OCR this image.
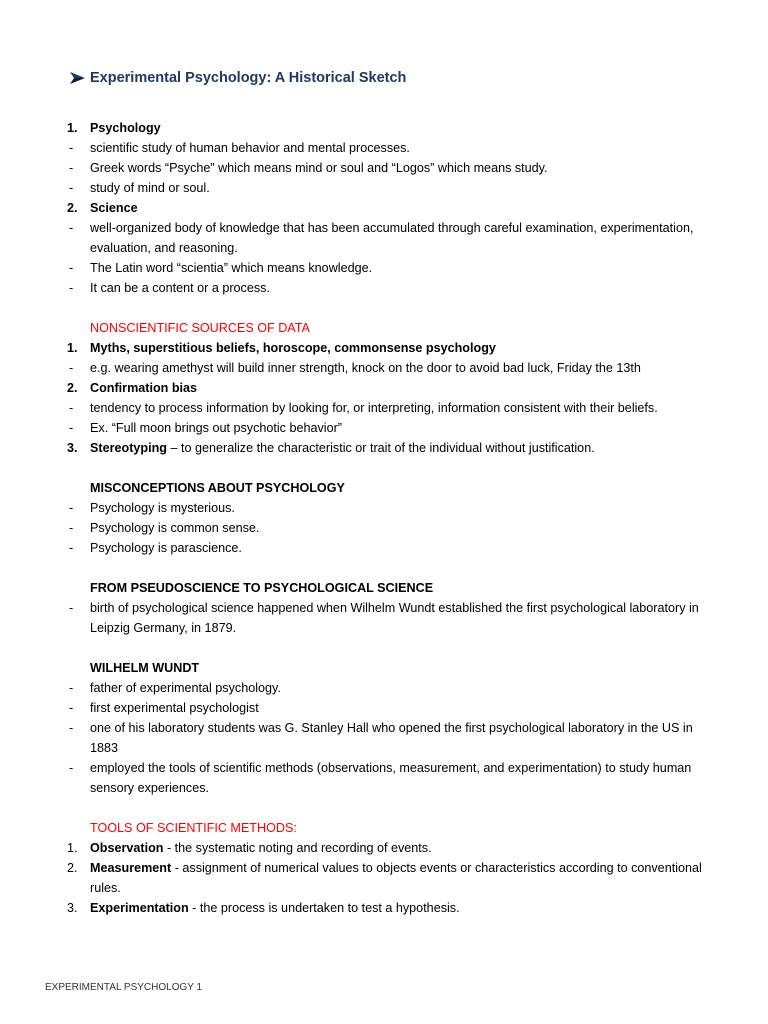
Experimental Psychology: A Historical Sketch
1. Psychology
-	scientific study of human behavior and mental processes.
-	Greek words “Psyche” which means mind or soul and “Logos” which means study.
-	study of mind or soul.
2. Science
-	well-organized body of knowledge that has been accumulated through careful examination, experimentation,
evaluation, and reasoning.
-	The Latin word “scientia” which means knowledge.
-	It can be a content or a process.
NONSCIENTIFIC SOURCES OF DATA
1. Myths, superstitious beliefs, horoscope, commonsense psychology
-	e.g. wearing amethyst will build inner strength, knock on the door to avoid bad luck, Friday the 13th
2. Confirmation bias
-	tendency to process information by looking for, or interpreting, information consistent with their beliefs.
-	Ex. “Full moon brings out psychotic behavior”
3. Stereotyping – to generalize the characteristic or trait of the individual without justification.
MISCONCEPTIONS ABOUT PSYCHOLOGY
-	Psychology is mysterious.
-	Psychology is common sense.
-	Psychology is parascience.
FROM PSEUDOSCIENCE TO PSYCHOLOGICAL SCIENCE
-	birth of psychological science happened when Wilhelm Wundt established the first psychological laboratory in
Leipzig Germany, in 1879.
WILHELM WUNDT
-	father of experimental psychology.
-	first experimental psychologist
-	one of his laboratory students was G. Stanley Hall who opened the first psychological laboratory in the US in
1883
-	employed the tools of scientific methods (observations, measurement, and experimentation) to study human
sensory experiences.
TOOLS OF SCIENTIFIC METHODS:
1. Observation - the systematic noting and recording of events.
2. Measurement - assignment of numerical values to objects events or characteristics according to conventional
rules.
3. Experimentation - the process is undertaken to test a hypothesis.
EXPERIMENTAL PSYCHOLOGY 1
